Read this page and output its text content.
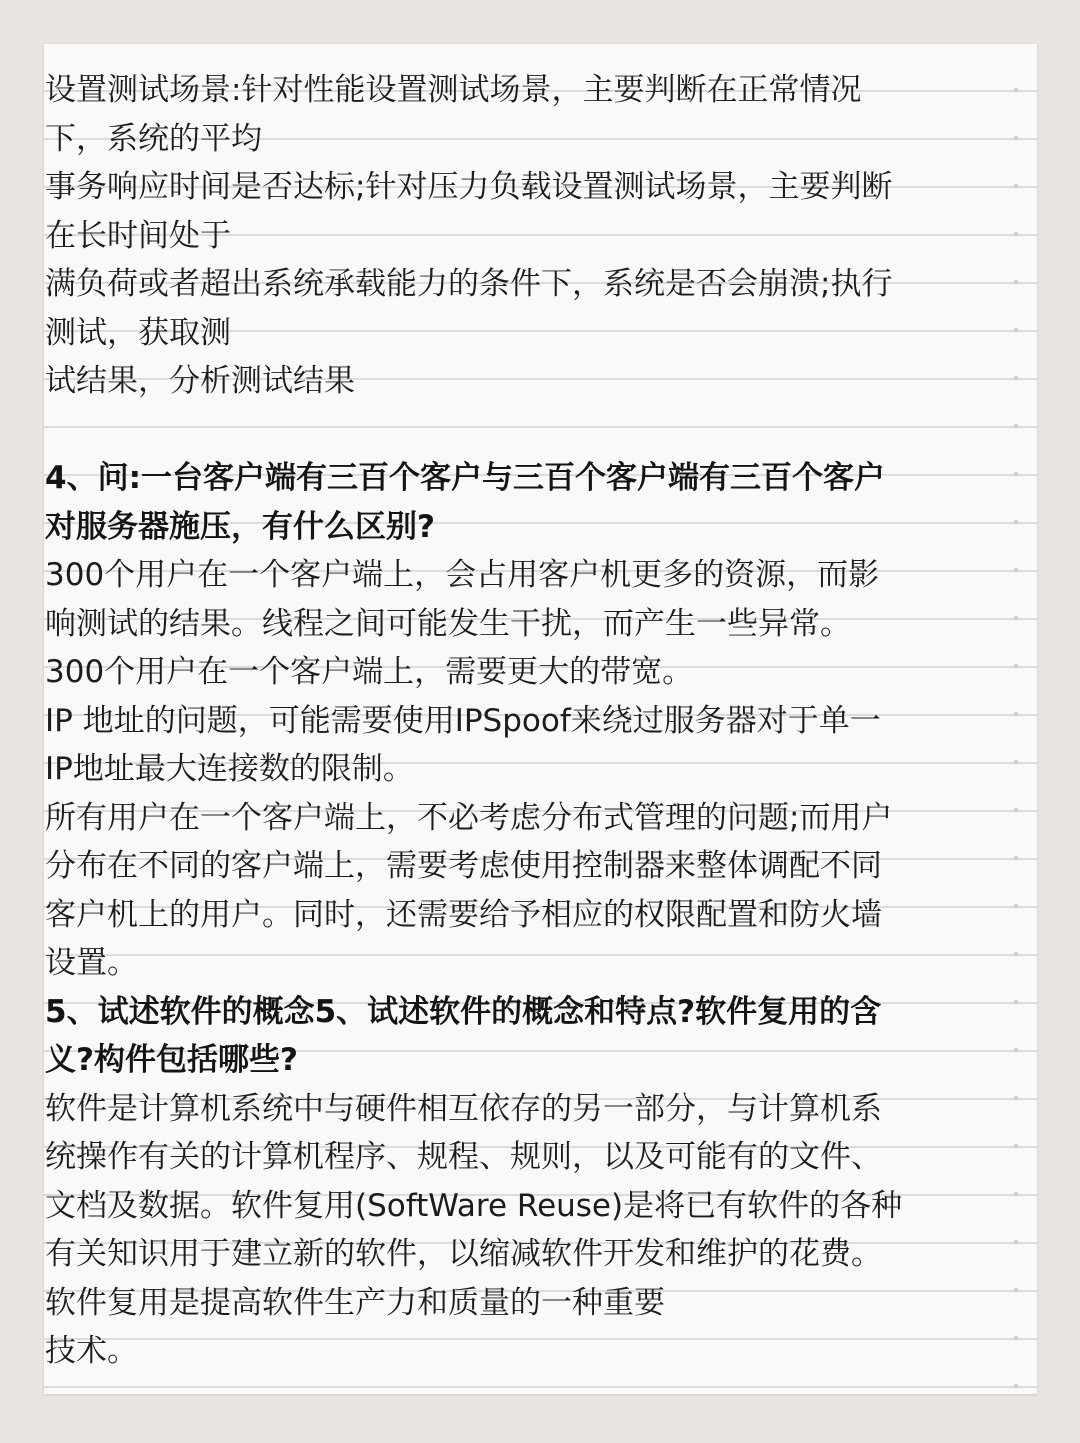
设置测试场景:针对性能设置测试场景，主要判断在正常情况
下，系统的平均
事务响应时间是否达标;针对压力负载设置测试场景，主要判断
在长时间处于
满负荷或者超出系统承载能力的条件下，系统是否会崩溃;执行
测试，获取测
试结果，分析测试结果
4、问:一台客户端有三百个客户与三百个客户端有三百个客户
对服务器施压，有什么区别?
300个用户在一个客户端上，会占用客户机更多的资源，而影
响测试的结果。线程之间可能发生干扰，而产生一些异常。
300个用户在一个客户端上，需要更大的带宽。
IP 地址的问题，可能需要使用IPSpoof来绕过服务器对于单一
IP地址最大连接数的限制。
所有用户在一个客户端上，不必考虑分布式管理的问题;而用户
分布在不同的客户端上，需要考虑使用控制器来整体调配不同
客户机上的用户。同时，还需要给予相应的权限配置和防火墙
设置。
5、试述软件的概念5、试述软件的概念和特点?软件复用的含
义?构件包括哪些?
软件是计算机系统中与硬件相互依存的另一部分，与计算机系
统操作有关的计算机程序、规程、规则，以及可能有的文件、
文档及数据。软件复用(SoftWare Reuse)是将已有软件的各种
有关知识用于建立新的软件，以缩减软件开发和维护的花费。
软件复用是提高软件生产力和质量的一种重要
技术。
